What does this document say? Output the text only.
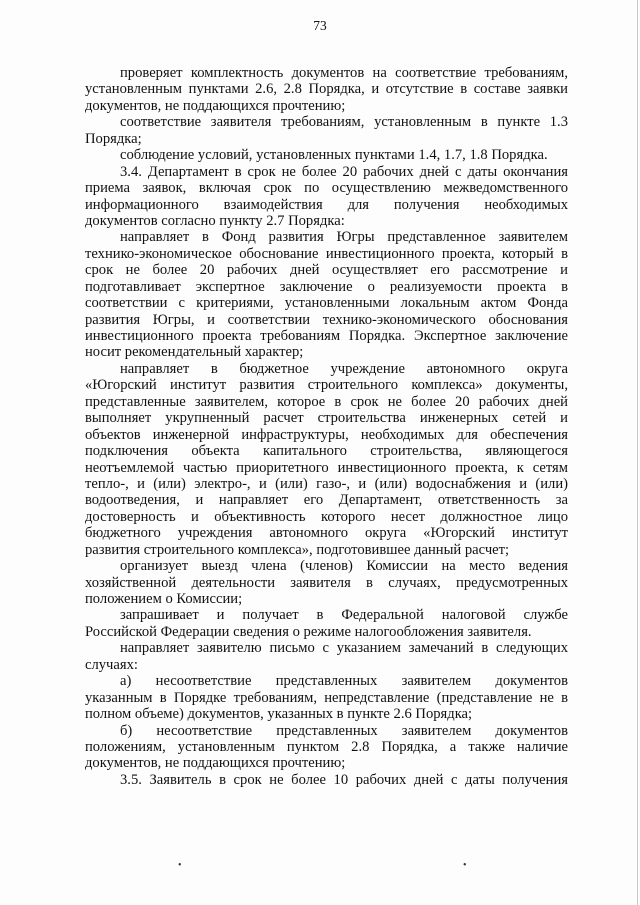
73
проверяет комплектность документов на соответствие требованиям,
установленным пунктами 2.6, 2.8 Порядка, и отсутствие в составе заявки
документов, не поддающихся прочтению;
соответствие заявителя требованиям, установленным в пункте 1.3
Порядка;
соблюдение условий, установленных пунктами 1.4, 1.7, 1.8 Порядка.
3.4. Департамент в срок не более 20 рабочих дней с даты окончания
приема заявок, включая срок по осуществлению межведомственного
информационного взаимодействия для получения необходимых
документов согласно пункту 2.7 Порядка:
направляет в Фонд развития Югры представленное заявителем
технико-экономическое обоснование инвестиционного проекта, который в
срок не более 20 рабочих дней осуществляет его рассмотрение и
подготавливает экспертное заключение о реализуемости проекта в
соответствии с критериями, установленными локальным актом Фонда
развития Югры, и соответствии технико-экономического обоснования
инвестиционного проекта требованиям Порядка. Экспертное заключение
носит рекомендательный характер;
направляет в бюджетное учреждение автономного округа
«Югорский институт развития строительного комплекса» документы,
представленные заявителем, которое в срок не более 20 рабочих дней
выполняет укрупненный расчет строительства инженерных сетей и
объектов инженерной инфраструктуры, необходимых для обеспечения
подключения объекта капитального строительства, являющегося
неотъемлемой частью приоритетного инвестиционного проекта, к сетям
тепло-, и (или) электро-, и (или) газо-, и (или) водоснабжения и (или)
водоотведения, и направляет его Департамент, ответственность за
достоверность и объективность которого несет должностное лицо
бюджетного учреждения автономного округа «Югорский институт
развития строительного комплекса», подготовившее данный расчет;
организует выезд члена (членов) Комиссии на место ведения
хозяйственной деятельности заявителя в случаях, предусмотренных
положением о Комиссии;
запрашивает и получает в Федеральной налоговой службе
Российской Федерации сведения о режиме налогообложения заявителя.
направляет заявителю письмо с указанием замечаний в следующих
случаях:
а) несоответствие представленных заявителем документов
указанным в Порядке требованиям, непредставление (представление не в
полном объеме) документов, указанных в пункте 2.6 Порядка;
б) несоответствие представленных заявителем документов
положениям, установленным пунктом 2.8 Порядка, а также наличие
документов, не поддающихся прочтению;
3.5. Заявитель в срок не более 10 рабочих дней с даты получения
•	•
